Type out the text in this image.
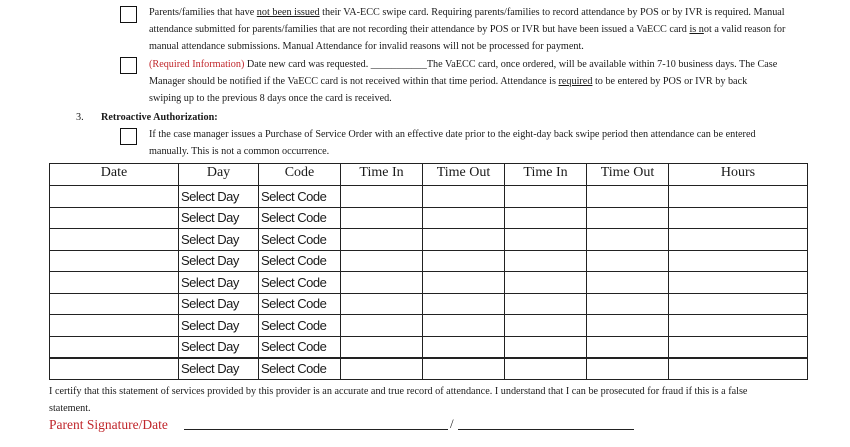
Parents/families that have not been issued their VA-ECC swipe card. Requiring parents/families to record attendance by POS or by IVR is required. Manual
attendance submitted for parents/families that are not recording their attendance by POS or IVR but have been issued a VaECC card is not a valid reason for
manual attendance submissions. Manual Attendance for invalid reasons will not be processed for payment.
(Required Information) Date new card was requested. ___________The VaECC card, once ordered, will be available within 7-10 business days. The Case
Manager should be notified if the VaECC card is not received within that time period. Attendance is required to be entered by POS or IVR by back
swiping up to the previous 8 days once the card is received.
3. Retroactive Authorization:
If the case manager issues a Purchase of Service Order with an effective date prior to the eight-day back swipe period then attendance can be entered
manually. This is not a common occurrence.
Date	Day	Code	Time In	Time Out	Time In	Time Out	Hours

	Select Day	Select Code					

	Select Day	Select Code					

	Select Day	Select Code					

	Select Day	Select Code					

	Select Day	Select Code					

	Select Day	Select Code					

	Select Day	Select Code					

	Select Day	Select Code					

	Select Day	Select Code					

I certify that this statement of services provided by this provider is an accurate and true record of attendance. I understand that I can be prosecuted for fraud if this is a false statement.
Parent Signature/Date	/
